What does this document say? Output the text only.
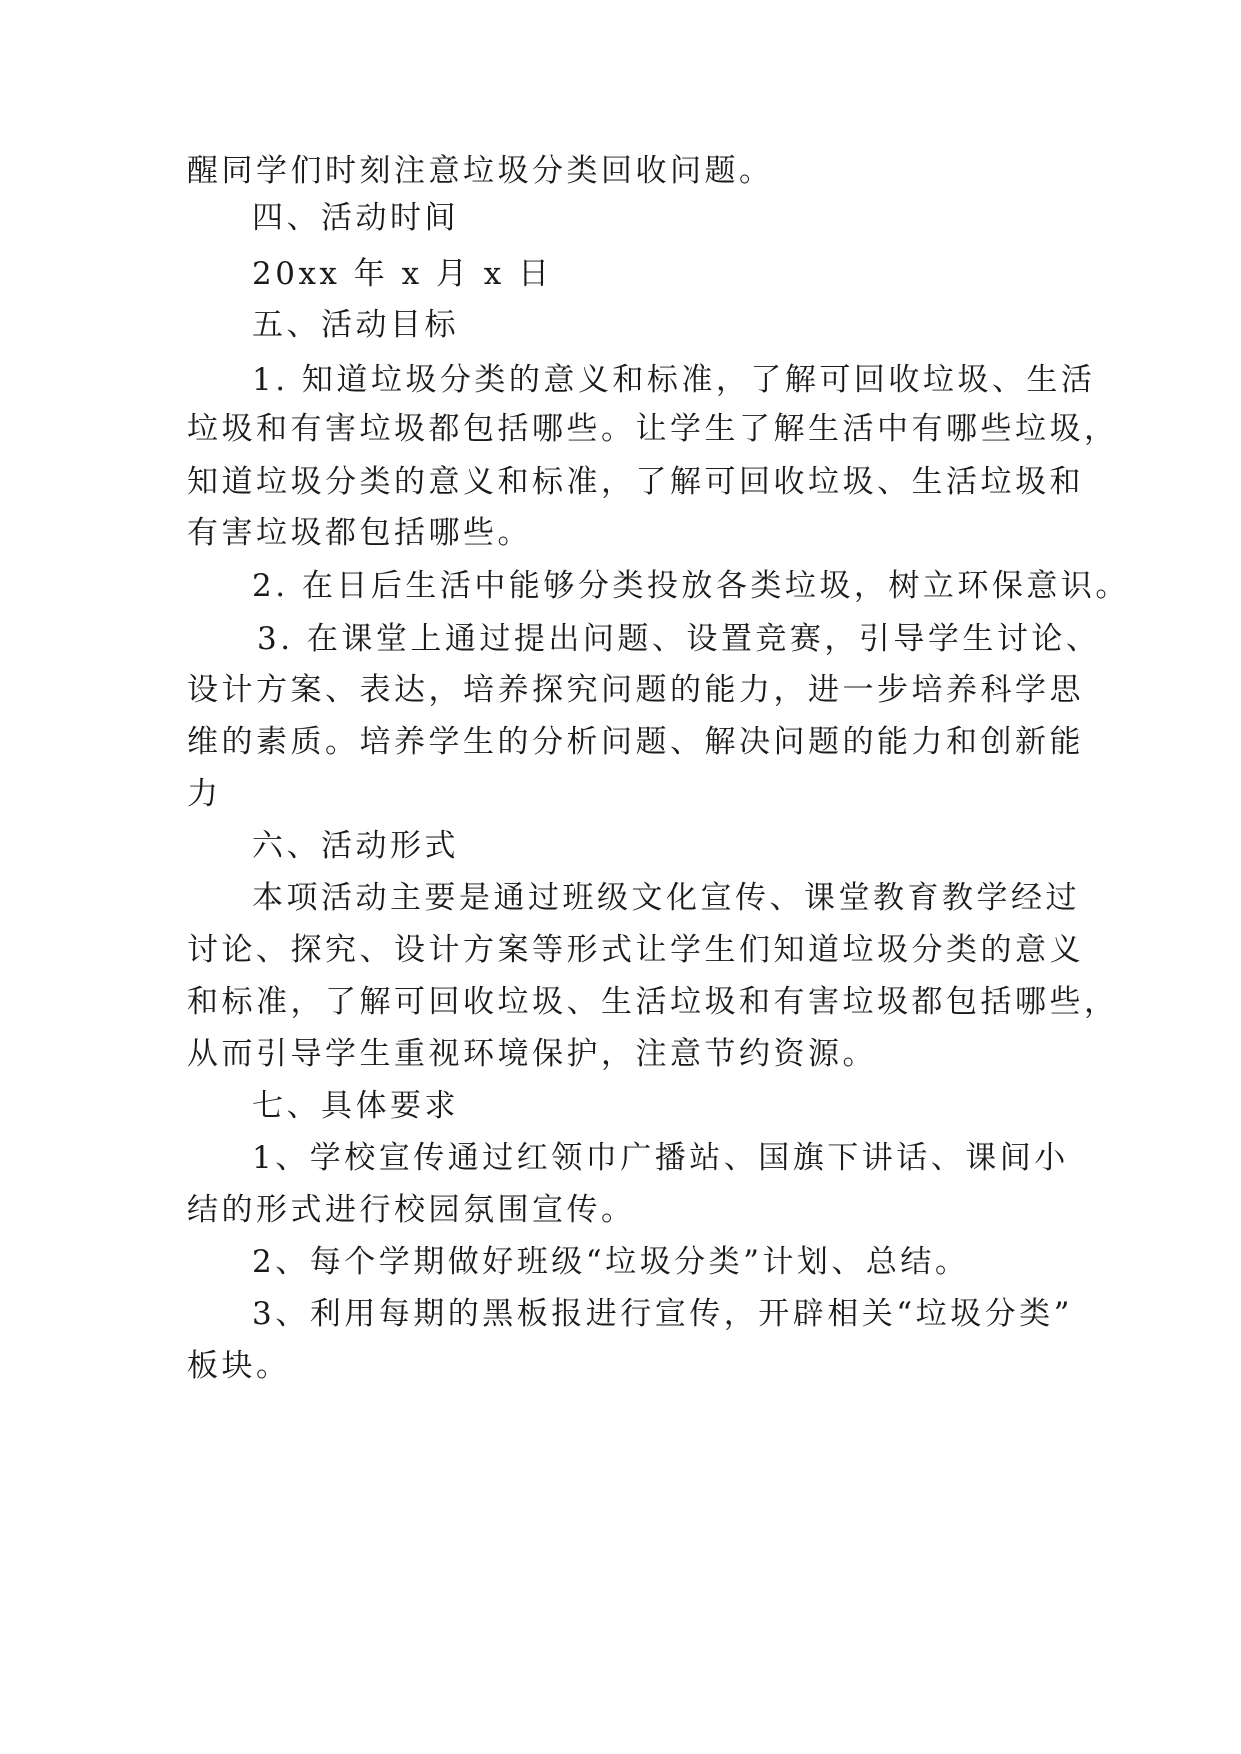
醒同学们时刻注意垃圾分类回收问题。
四、活动时间
20xx 年 x 月 x 日
五、活动目标
1. 知道垃圾分类的意义和标准，了解可回收垃圾、生活
垃圾和有害垃圾都包括哪些。让学生了解生活中有哪些垃圾，
知道垃圾分类的意义和标准，了解可回收垃圾、生活垃圾和
有害垃圾都包括哪些。
2. 在日后生活中能够分类投放各类垃圾，树立环保意识。
3. 在课堂上通过提出问题、设置竞赛，引导学生讨论、
设计方案、表达，培养探究问题的能力，进一步培养科学思
维的素质。培养学生的分析问题、解决问题的能力和创新能
力
六、活动形式
本项活动主要是通过班级文化宣传、课堂教育教学经过
讨论、探究、设计方案等形式让学生们知道垃圾分类的意义
和标准，了解可回收垃圾、生活垃圾和有害垃圾都包括哪些，
从而引导学生重视环境保护，注意节约资源。
七、具体要求
1、学校宣传通过红领巾广播站、国旗下讲话、课间小
结的形式进行校园氛围宣传。
2、每个学期做好班级“垃圾分类”计划、总结。
3、利用每期的黑板报进行宣传，开辟相关“垃圾分类”
板块。
